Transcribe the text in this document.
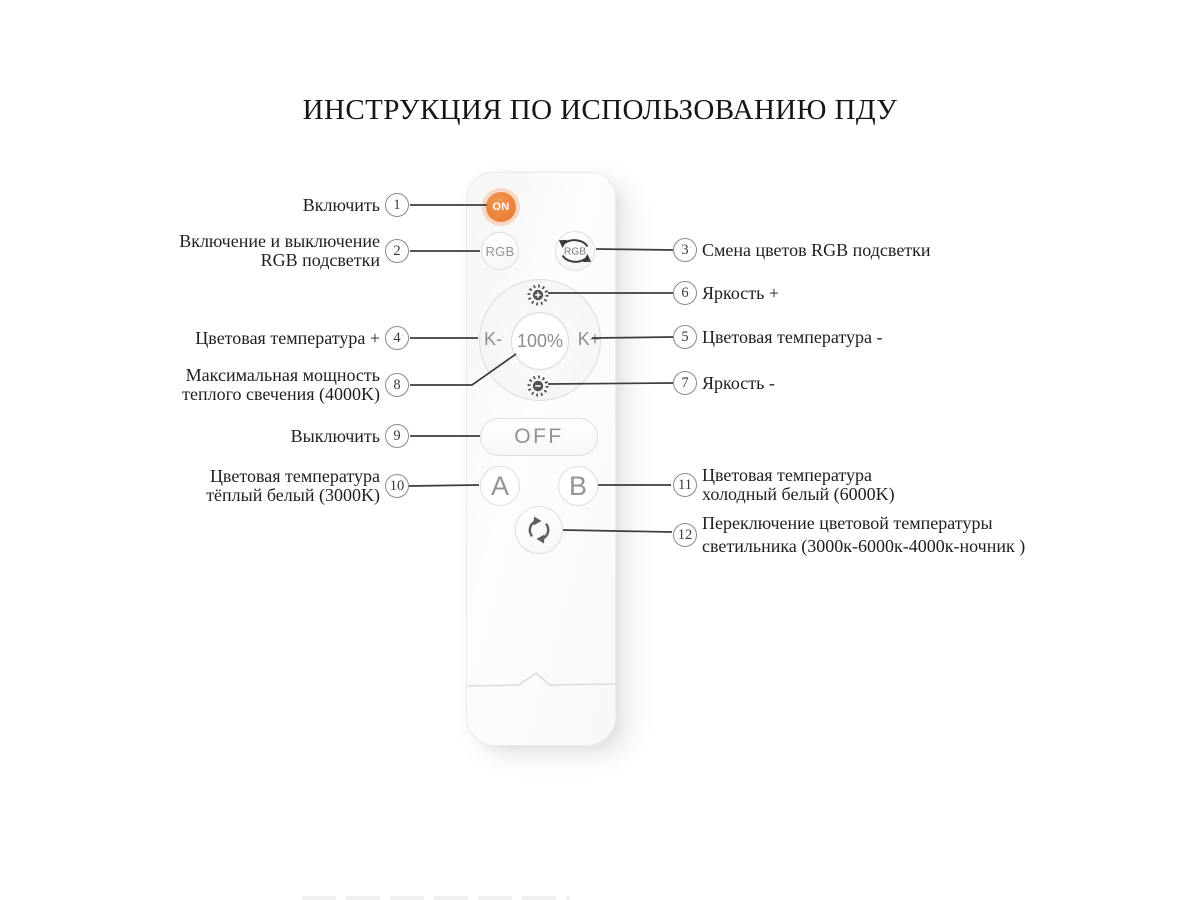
ИНСТРУКЦИЯ ПО ИСПОЛЬЗОВАНИЮ ПДУ
ON
RGB	RGB
K- 100% K+
OFF
A	B
Включить 1
Включение и выключение
RGB подсветки 2
Цветовая температура + 4
Максимальная мощность
теплого свечения (4000K) 8
Выключить 9
Цветовая температура
тёплый белый (3000K) 10
3 Смена цветов RGB подсветки
6 Яркость +
5 Цветовая температура -
7 Яркость -
11 Цветовая температура
холодный белый (6000K)
12
Переключение цветовой температуры
светильника (3000к-6000к-4000к-ночник )
